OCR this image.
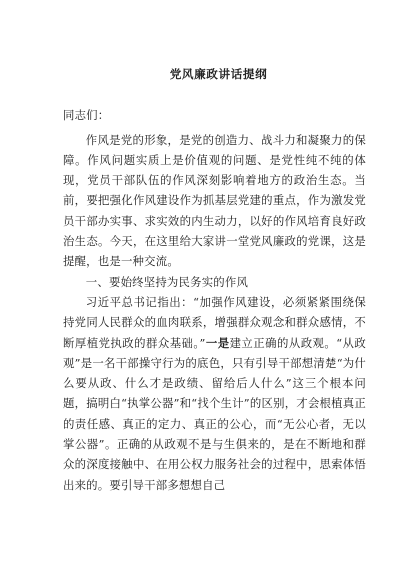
党风廉政讲话提纲
同志们：

作风是党的形象，是党的创造力、战斗力和凝聚力的保障。作风问题实质上是价值观的问题、是党性纯不纯的体现，党员干部队伍的作风深刻影响着地方的政治生态。当前，要把强化作风建设作为抓基层党建的重点，作为激发党员干部办实事、求实效的内生动力，以好的作风培育良好政治生态。今天，在这里给大家讲一堂党风廉政的党课，这是提醒，也是一种交流。

一、要始终坚持为民务实的作风

习近平总书记指出：“加强作风建设，必须紧紧围绕保持党同人民群众的血肉联系，增强群众观念和群众感情，不断厚植党执政的群众基础。”一是建立正确的从政观。“从政观”是一名干部操守行为的底色，只有引导干部想清楚“为什么要从政、什么才是政绩、留给后人什么”这三个根本问题，搞明白“执掌公器”和“找个生计”的区别，才会根植真正的责任感、真正的定力、真正的公心，而“无公心者，无以掌公器”。正确的从政观不是与生俱来的，是在不断地和群众的深度接触中、在用公权力服务社会的过程中，思索体悟出来的。要引导干部多想想自己
